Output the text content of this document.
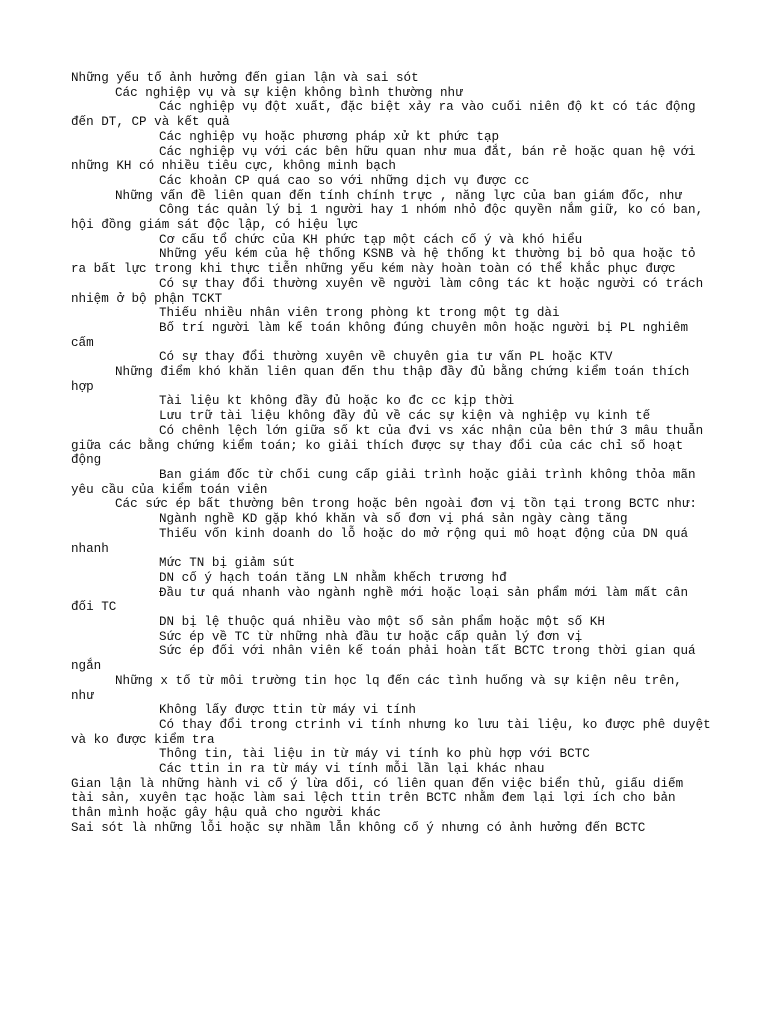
Những yếu tố ảnh hưởng đến gian lận và sai sót

Các nghiệp vụ và sự kiện không bình thường như

Các nghiệp vụ đột xuất, đặc biệt xảy ra vào cuối niên độ kt có tác động đến DT, CP và kết quả

Các nghiệp vụ hoặc phương pháp xử kt phức tạp

Các nghiệp vụ với các bên hữu quan như mua đắt, bán rẻ hoặc quan hệ với những KH có nhiều tiêu cực, không minh bạch

Các khoản CP quá cao so với những dịch vụ được cc

Những vấn đề liên quan đến tính chính trực , năng lực của ban giám đốc, như

Công tác quản lý bị 1 người hay 1 nhóm nhỏ độc quyền nắm giữ, ko có ban, hội đồng giám sát độc lập, có hiệu lực

Cơ cấu tổ chức của KH phức tạp một cách cố ý và khó hiểu

Những yếu kém của hệ thống KSNB và hệ thống kt thường bị bỏ qua hoặc tỏ ra bất lực trong khi thực tiễn những yếu kém này hoàn toàn có thể khắc phục được

Có sự thay đổi thường xuyên về người làm công tác kt hoặc người có trách nhiệm ở bộ phận TCKT

Thiếu nhiều nhân viên trong phòng kt trong một tg dài

Bố trí người làm kế toán không đúng chuyên môn hoặc người bị PL nghiêm cấm

Có sự thay đổi thường xuyên về chuyên gia tư vấn PL hoặc KTV

Những điểm khó khăn liên quan đến thu thập đầy đủ bằng chứng kiểm toán thích hợp

Tài liệu kt không đầy đủ hoặc ko đc cc kịp thời

Lưu trữ tài liệu không đầy đủ về các sự kiện và nghiệp vụ kinh tế

Có chênh lệch lớn giữa số kt của đvi vs xác nhận của bên thứ 3 mâu thuẫn giữa các bằng chứng kiểm toán; ko giải thích được sự thay đổi của các chỉ số hoạt động

Ban giám đốc từ chối cung cấp giải trình hoặc giải trình không thỏa mãn yêu cầu của kiểm toán viên

Các sức ép bất thường bên trong hoặc bên ngoài đơn vị tồn tại trong BCTC như:

Ngành nghề KD gặp khó khăn và số đơn vị phá sản ngày càng tăng

Thiếu vốn kinh doanh do lỗ hoặc do mở rộng qui mô hoạt động của DN quá nhanh

Mức TN bị giảm sút

DN cố ý hạch toán tăng LN nhằm khếch trương hđ

Đầu tư quá nhanh vào ngành nghề mới hoặc loại sản phẩm mới làm mất cân đối TC

DN bị lệ thuộc quá nhiều vào một số sản phẩm hoặc một số KH

Sức ép về TC từ những nhà đầu tư hoặc cấp quản lý đơn vị

Sức ép đối với nhân viên kế toán phải hoàn tất BCTC trong thời gian quá ngắn

Những x tố từ môi trường tin học lq đến các tình huống và sự kiện nêu trên, như

Không lấy được ttin từ máy vi tính

Có thay đổi trong ctrinh vi tính nhưng ko lưu tài liệu, ko được phê duyệt và ko được kiểm tra

Thông tin, tài liệu in từ máy vi tính ko phù hợp với BCTC

Các ttin in ra từ máy vi tính mỗi lần lại khác nhau

Gian lận là những hành vi cố ý lừa dối, có liên quan đến việc biển thủ, giấu diếm tài sản, xuyên tạc hoặc làm sai lệch ttin trên BCTC nhằm đem lại lợi ích cho bản thân mình hoặc gây hậu quả cho người khác

Sai sót là những lỗi hoặc sự nhầm lẫn không cố ý nhưng có ảnh hưởng đến BCTC
